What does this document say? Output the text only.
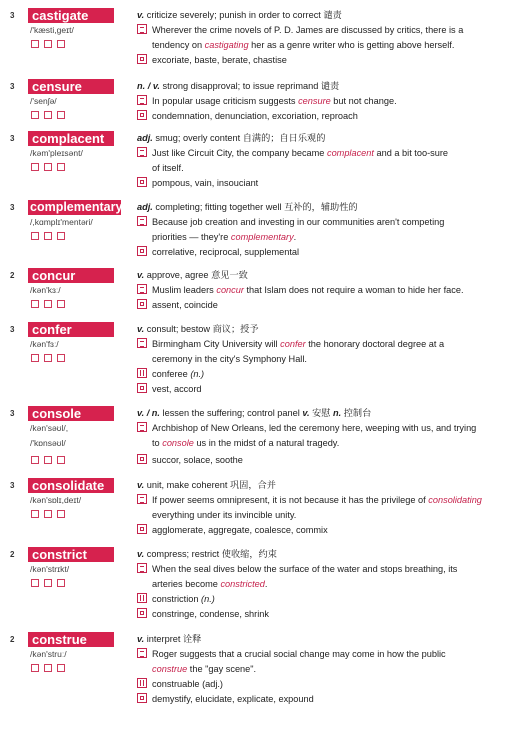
3	castigate
/'kæsti,geɪt/
v. criticize severely; punish in order to correct 谴责
Wherever the crime novels of P. D. James are discussed by critics, there is a
tendency on castigating her as a genre writer who is getting above herself.
excoriate, baste, berate, chastise
3	censure
/'senʃə/
n. / v. strong disapproval; to issue reprimand 谴责
In popular usage criticism suggests censure but not change.
condemnation, denunciation, excoriation, reproach
3	complacent
/kəm'pleɪsənt/
adj. smug; overly content 自满的；自日乐观的
Just like Circuit City, the company became complacent and a bit too-sure
of itself.
pompous, vain, insouciant
3 complementary
/,kɑmplɪ'mentəri/
adj. completing; fitting together well 互补的，辅助性的
Because job creation and investing in our communities aren't competing
priorities — they're complementary.
correlative, reciprocal, supplemental
2	concur
/kən'kɜː/
v. approve, agree 意见一致
Muslim leaders concur that Islam does not require a woman to hide her face.
assent, coincide
3	confer
/kən'fɜː/
v. consult; bestow 商议；授予
Birmingham City University will confer the honorary doctoral degree at a
ceremony in the city's Symphony Hall.
conferee (n.)
vest, accord
3	console
/kən'səʊl/,
/'kɒnsəʊl/
v. / n. lessen the suffering; control panel v. 安慰 n. 控制台
Archbishop of New Orleans, led the ceremony here, weeping with us, and trying
to console us in the midst of a natural tragedy.
succor, solace, soothe
3	consolidate
/kən'sɒlɪ,deɪt/
v. unit, make coherent 巩固，合并
If power seems omnipresent, it is not because it has the privilege of consolidating
everything under its invincible unity.
agglomerate, aggregate, coalesce, commix
2	constrict
/kən'strɪkt/
v. compress; restrict 使收缩，约束
When the seal dives below the surface of the water and stops breathing, its
arteries become constricted.
constriction (n.)
constringe, condense, shrink
2	construe
/kən'struː/
v. interpret 诠释
Roger suggests that a crucial social change may come in how the public
construe the "gay scene".
construable (adj.)
demystify, elucidate, explicate, expound
